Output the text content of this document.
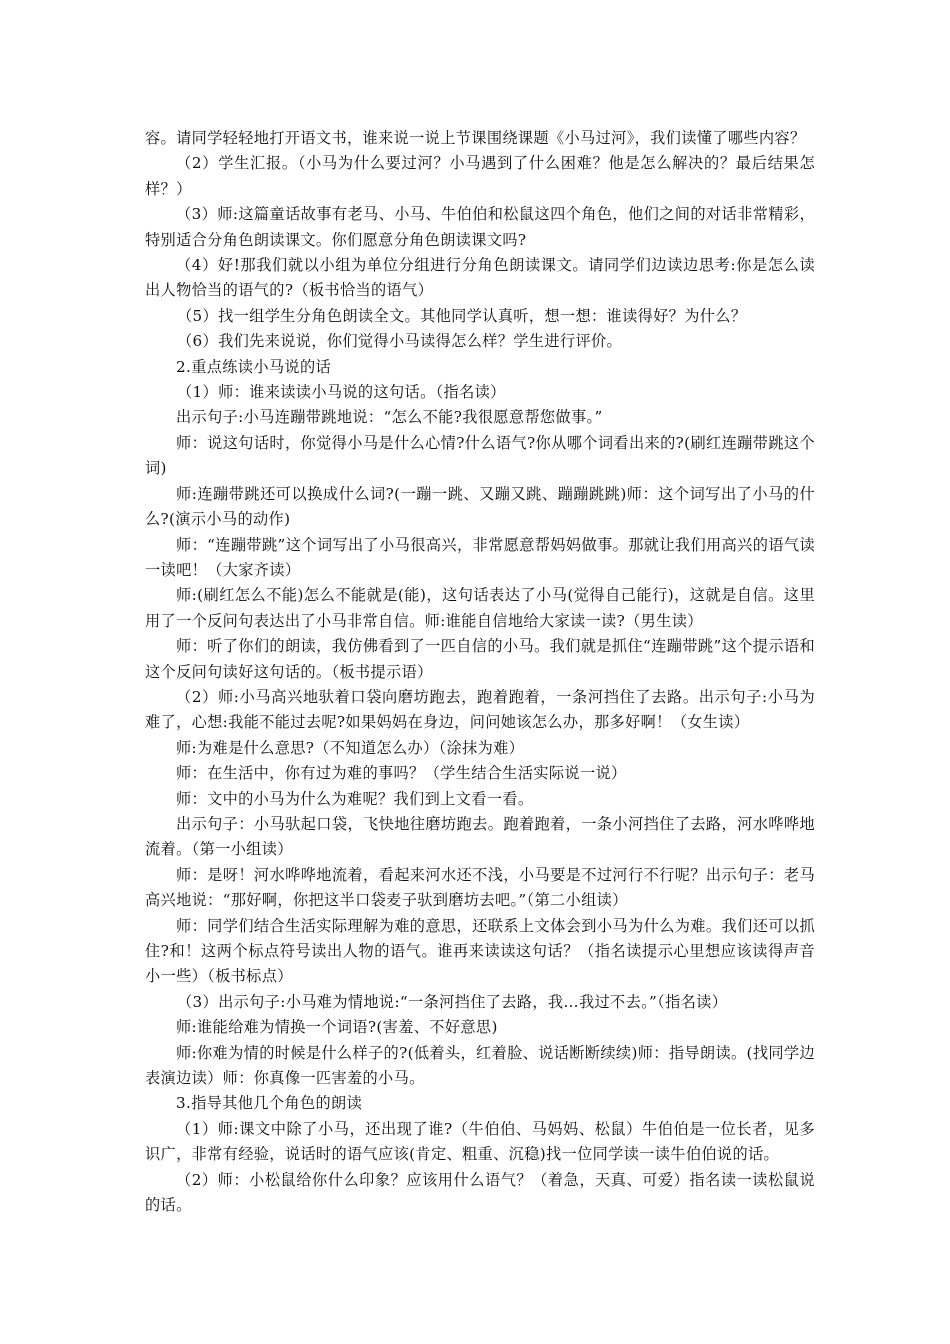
容。请同学轻轻地打开语文书，谁来说一说上节课围绕课题《小马过河》，我们读懂了哪些内容？

（2）学生汇报。（小马为什么要过河？小马遇到了什么困难？他是怎么解决的？最后结果怎样？）

（3）师:这篇童话故事有老马、小马、牛伯伯和松鼠这四个角色，他们之间的对话非常精彩，特别适合分角色朗读课文。你们愿意分角色朗读课文吗?

（4）好!那我们就以小组为单位分组进行分角色朗读课文。请同学们边读边思考:你是怎么读出人物恰当的语气的?（板书恰当的语气）

（5）找一组学生分角色朗读全文。其他同学认真听，想一想：谁读得好？为什么？

（6）我们先来说说，你们觉得小马读得怎么样？学生进行评价。

2.重点练读小马说的话

（1）师：谁来读读小马说的这句话。（指名读）

出示句子:小马连蹦带跳地说：“怎么不能?我很愿意帮您做事。”

师：说这句话时，你觉得小马是什么心情?什么语气?你从哪个词看出来的?(刷红连蹦带跳这个词)

师:连蹦带跳还可以换成什么词?(一蹦一跳、又蹦又跳、蹦蹦跳跳)师：这个词写出了小马的什么?(演示小马的动作)

师：“连蹦带跳”这个词写出了小马很高兴，非常愿意帮妈妈做事。那就让我们用高兴的语气读一读吧！（大家齐读）

师:(刷红怎么不能)怎么不能就是(能)，这句话表达了小马(觉得自己能行)，这就是自信。这里用了一个反问句表达出了小马非常自信。师:谁能自信地给大家读一读?（男生读）

师：听了你们的朗读，我仿佛看到了一匹自信的小马。我们就是抓住“连蹦带跳”这个提示语和这个反问句读好这句话的。（板书提示语）

（2）师:小马高兴地驮着口袋向磨坊跑去，跑着跑着，一条河挡住了去路。出示句子:小马为难了，心想:我能不能过去呢?如果妈妈在身边，问问她该怎么办，那多好啊！（女生读）

师:为难是什么意思?（不知道怎么办）（涂抹为难）

师：在生活中，你有过为难的事吗？（学生结合生活实际说一说）

师：文中的小马为什么为难呢？我们到上文看一看。

出示句子：小马驮起口袋，飞快地往磨坊跑去。跑着跑着，一条小河挡住了去路，河水哗哗地流着。（第一小组读）

师：是呀！河水哗哗地流着，看起来河水还不浅，小马要是不过河行不行呢？出示句子：老马高兴地说：“那好啊，你把这半口袋麦子驮到磨坊去吧。”（第二小组读）

师：同学们结合生活实际理解为难的意思，还联系上文体会到小马为什么为难。我们还可以抓住?和！这两个标点符号读出人物的语气。谁再来读读这句话？（指名读提示心里想应该读得声音小一些）（板书标点）

（3）出示句子:小马难为情地说:“一条河挡住了去路，我…我过不去。”（指名读）

师:谁能给难为情换一个词语?(害羞、不好意思)

师:你难为情的时候是什么样子的?(低着头，红着脸、说话断断续续)师：指导朗读。(找同学边表演边读）师：你真像一匹害羞的小马。

3.指导其他几个角色的朗读

（1）师:课文中除了小马，还出现了谁?（牛伯伯、马妈妈、松鼠）牛伯伯是一位长者，见多识广，非常有经验，说话时的语气应该(肯定、粗重、沉稳)找一位同学读一读牛伯伯说的话。

（2）师：小松鼠给你什么印象？应该用什么语气？（着急，天真、可爱）指名读一读松鼠说的话。
